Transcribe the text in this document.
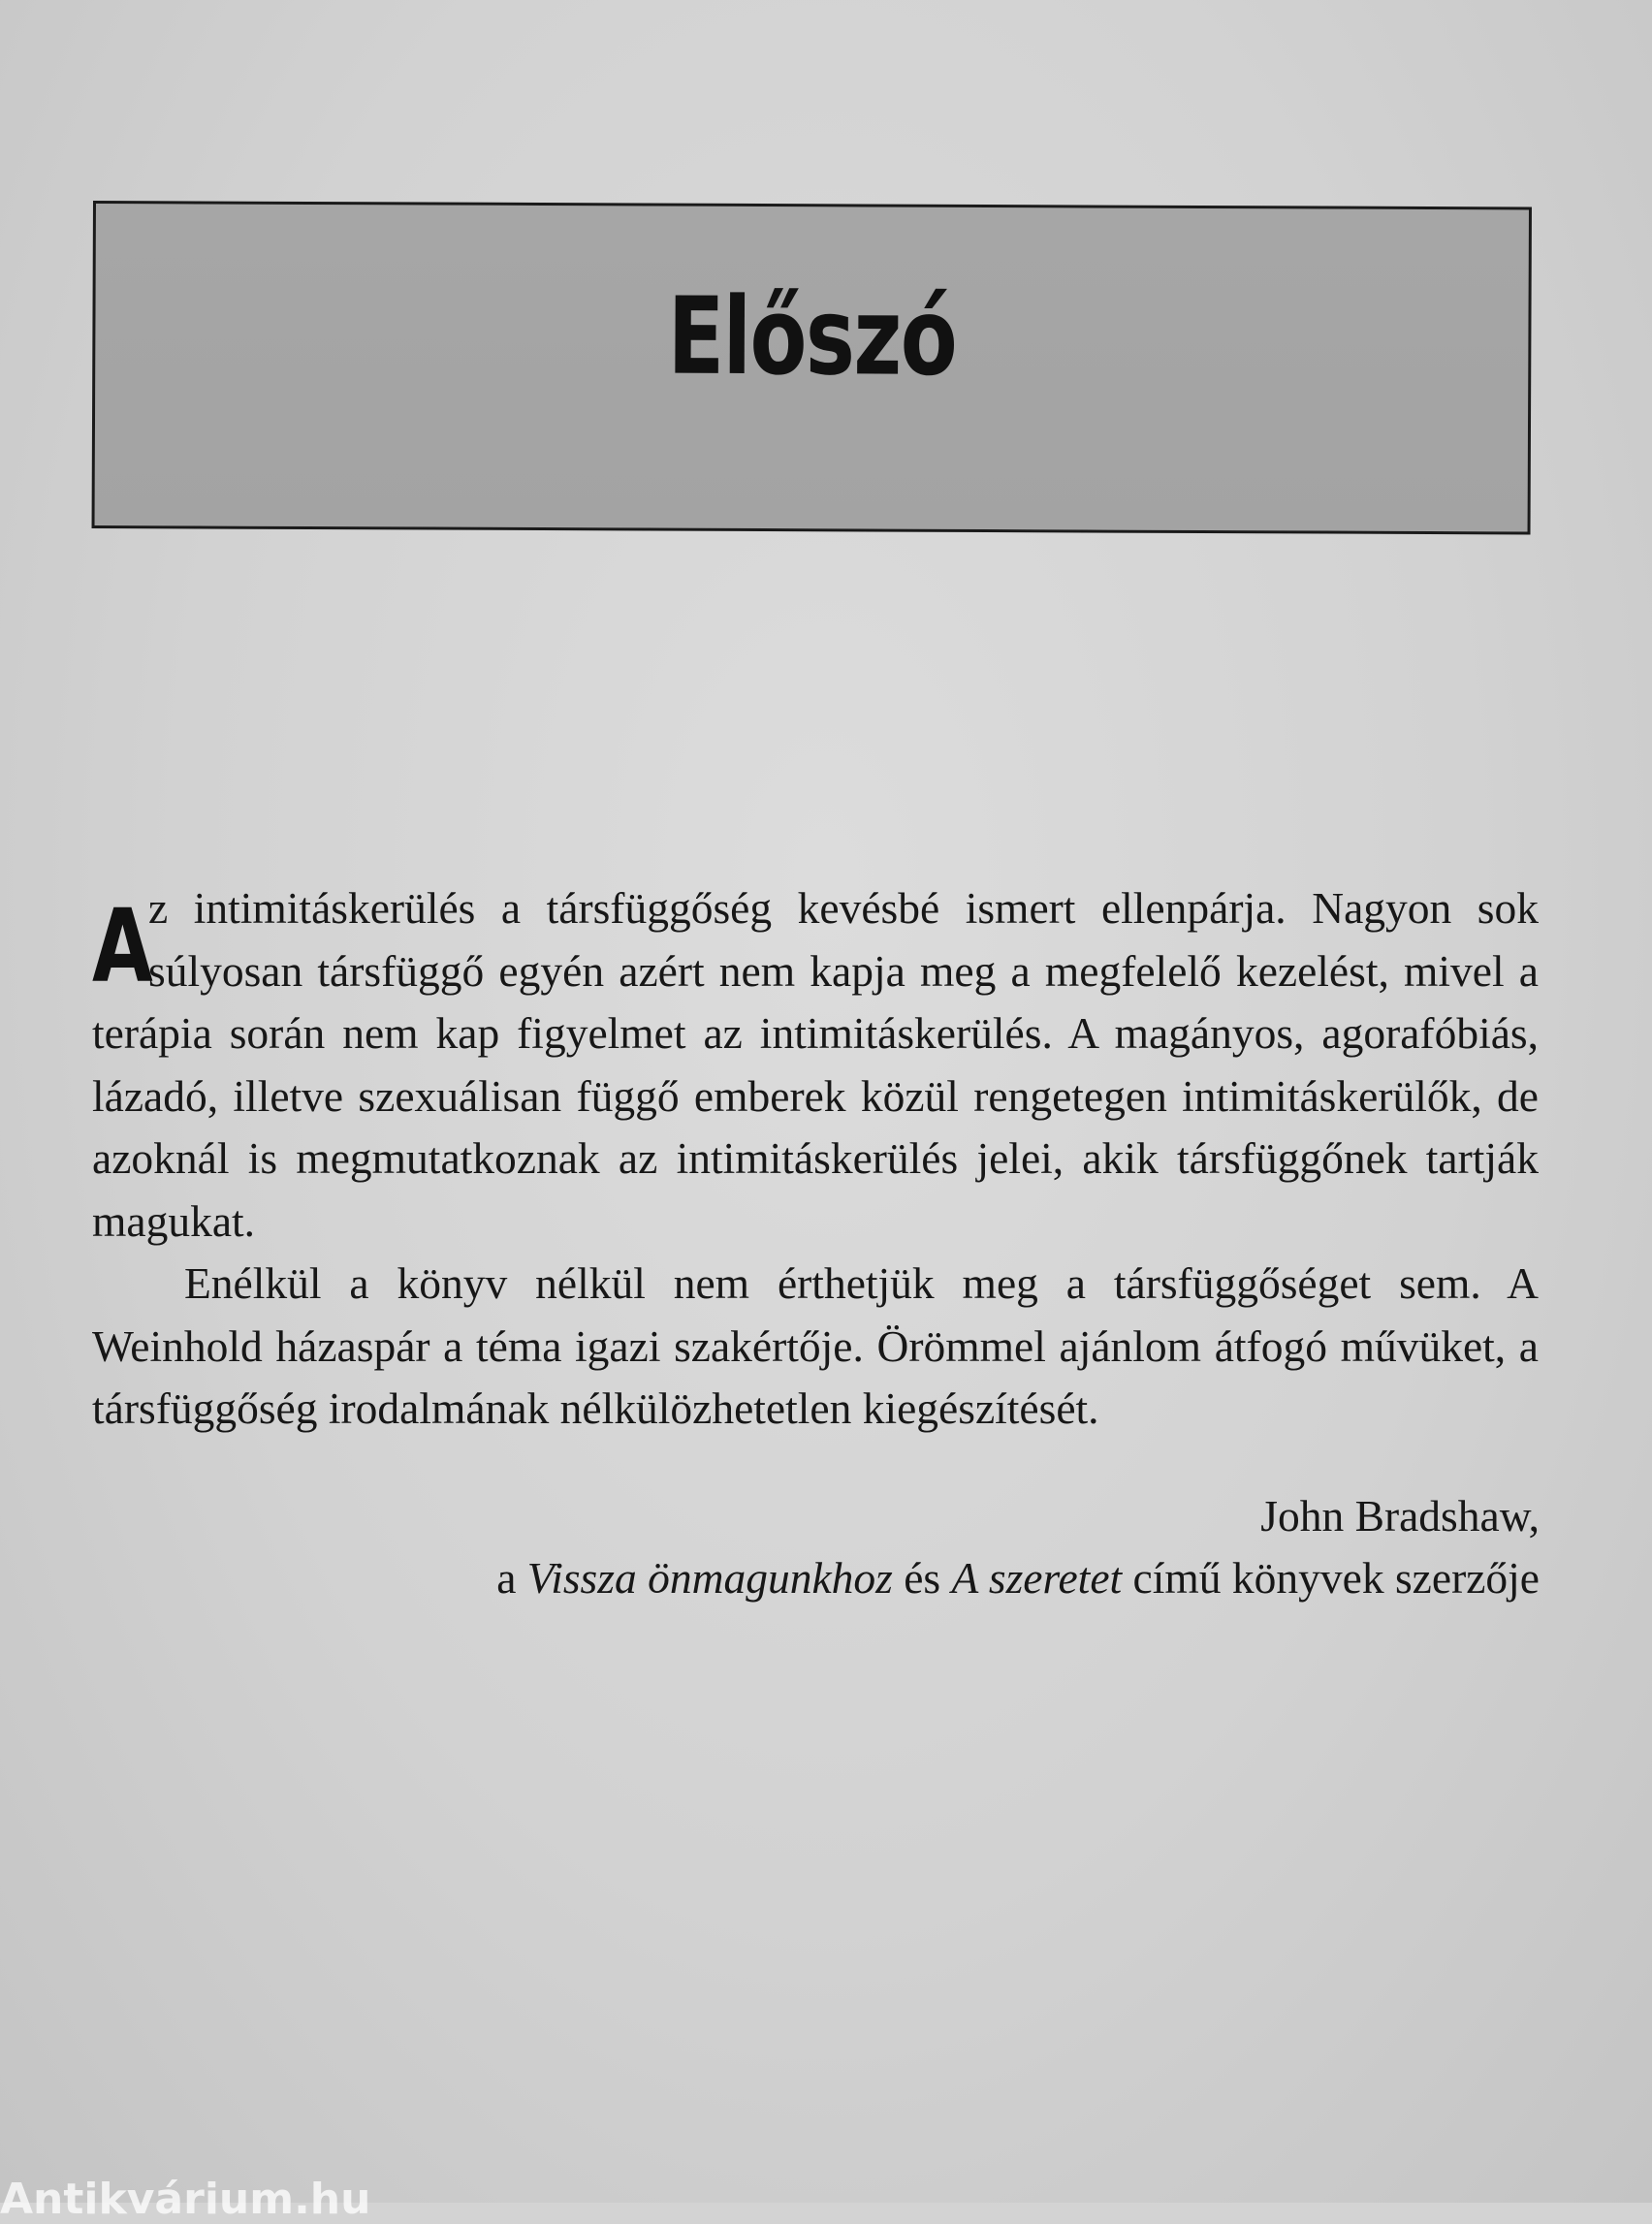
Előszó

A
z intimitáskerülés a társfüggőség kevésbé ismert ellenpárja. Nagyon sok súlyosan társfüggő egyén azért nem kapja meg a megfelelő kezelést, mivel a terápia során nem kap figyelmet az intimitáskerülés. A magányos, agorafóbiás, lázadó, illetve szexuálisan függő emberek közül rengetegen intimitáskerülők, de azoknál is megmutatkoznak az intimitáskerülés jelei, akik társfüggőnek tartják magukat.

Enélkül a könyv nélkül nem érthetjük meg a társfüggőséget sem. A Weinhold házaspár a téma igazi szakértője. Örömmel ajánlom átfogó művüket, a társfüggőség irodalmának nélkülözhetetlen kiegészítését.

John Bradshaw,
a Vissza önmagunkhoz és A szeretet című könyvek szerzője
Antikvárium.hu
